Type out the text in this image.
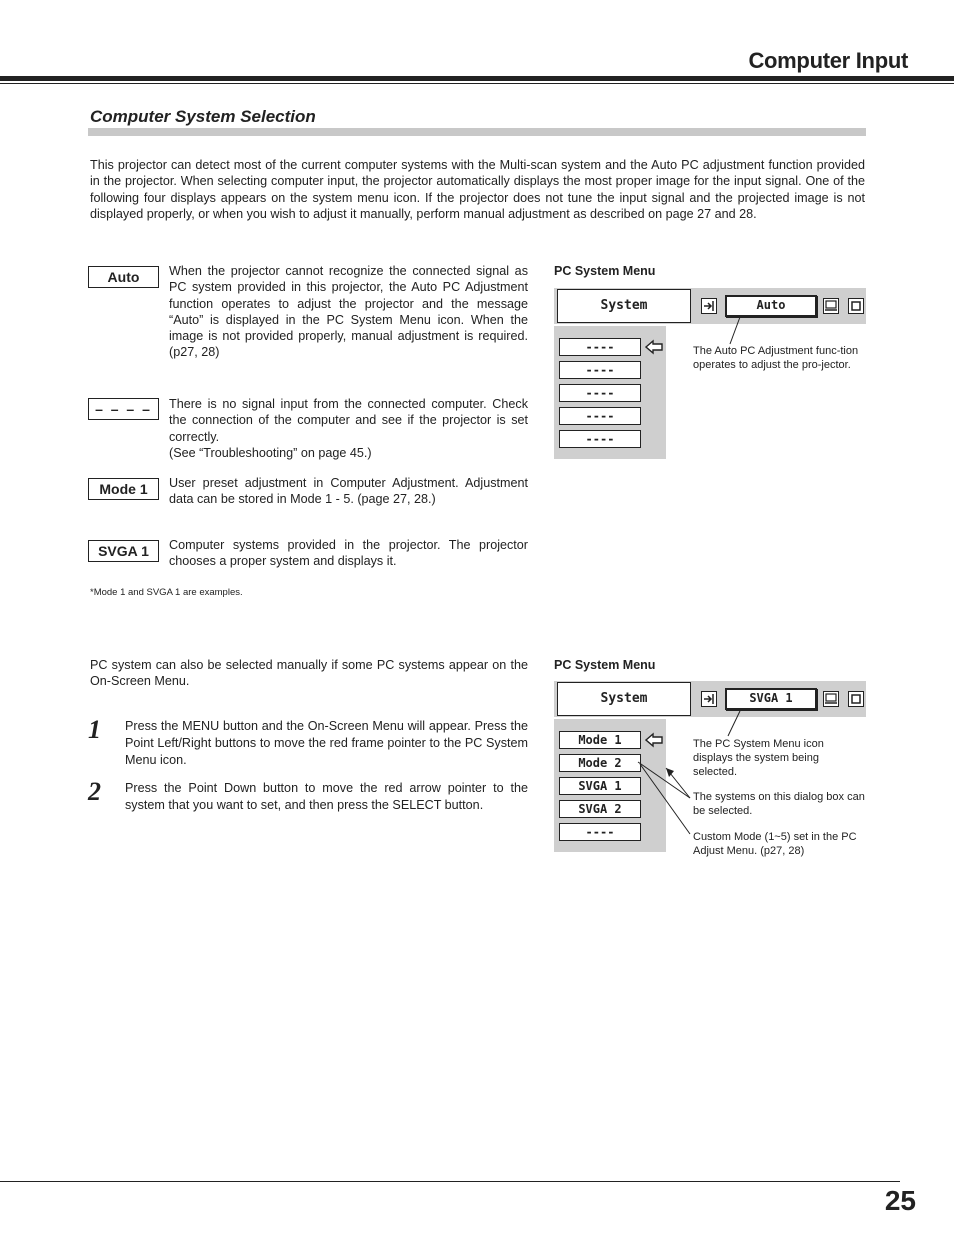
Computer Input
Computer System Selection
This projector can detect most of the current computer systems with the Multi-scan system and the Auto PC adjustment function provided in the projector. When selecting computer input, the projector automatically displays the most proper image for the input signal. One of the following four displays appears on the system menu icon. If the projector does not tune the input signal and the projected image is not displayed properly, or when you wish to adjust it manually, perform manual adjustment as described on page 27 and 28.
Auto	When the projector cannot recognize the connected signal as PC system provided in this projector, the Auto PC Adjustment function operates to adjust the projector and the message “Auto” is displayed in the PC System Menu icon. When the image is not provided properly, manual adjustment is required. (p27, 28)
– – – –	There is no signal input from the connected computer. Check the connection of the computer and see if the projector is set correctly.
(See “Troubleshooting” on page 45.)
Mode 1	User preset adjustment in Computer Adjustment. Adjustment data can be stored in Mode 1 - 5. (page 27, 28.)
SVGA 1	Computer systems provided in the projector. The projector chooses a proper system and displays it.
*Mode 1 and SVGA 1 are examples.
PC System Menu
System	Auto
----
----
----
----
----
The Auto PC Adjustment func-tion operates to adjust the pro-jector.
PC system can also be selected manually if some PC systems appear on the On-Screen Menu.
1 Press the MENU button and the On-Screen Menu will appear. Press the Point Left/Right buttons to move the red frame pointer to the PC System Menu icon.
2 Press the Point Down button to move the red arrow pointer to the system that you want to set, and then press the SELECT button.
PC System Menu
System	SVGA 1
Mode 1
Mode 2
SVGA 1
SVGA 2
----
The PC System Menu icon displays the system being selected.
The systems on this dialog box can be selected.
Custom Mode (1~5) set in the PC Adjust Menu. (p27, 28)
25
